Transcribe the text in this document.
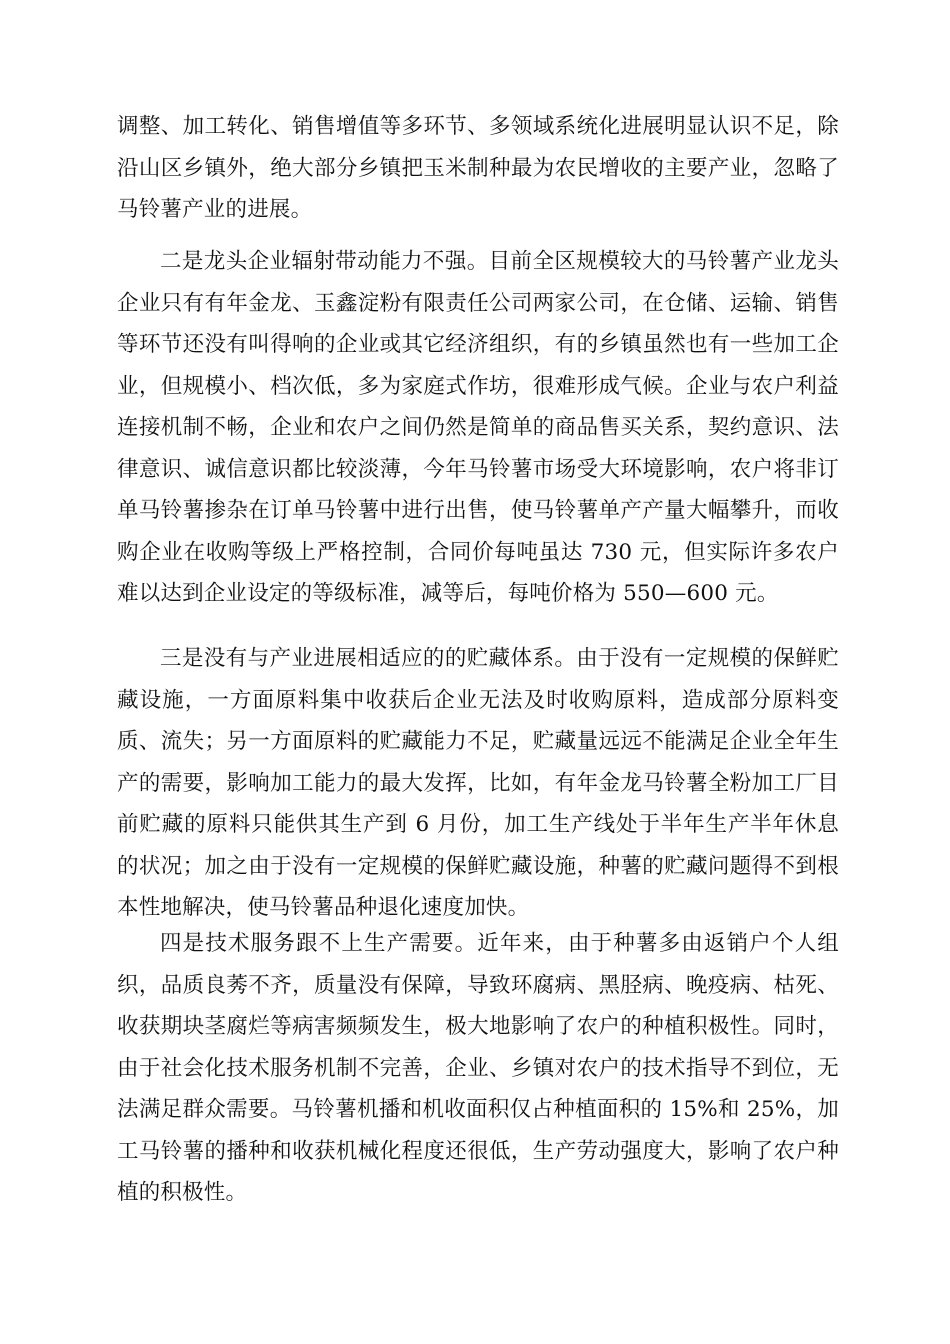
调整、加工转化、销售增值等多环节、多领域系统化进展明显认识不足，除沿山区乡镇外，绝大部分乡镇把玉米制种最为农民增收的主要产业，忽略了马铃薯产业的进展。

二是龙头企业辐射带动能力不强。目前全区规模较大的马铃薯产业龙头企业只有有年金龙、玉鑫淀粉有限责任公司两家公司，在仓储、运输、销售等环节还没有叫得响的企业或其它经济组织，有的乡镇虽然也有一些加工企业，但规模小、档次低，多为家庭式作坊，很难形成气候。企业与农户利益连接机制不畅，企业和农户之间仍然是简单的商品售买关系，契约意识、法律意识、诚信意识都比较淡薄，今年马铃薯市场受大环境影响，农户将非订单马铃薯掺杂在订单马铃薯中进行出售，使马铃薯单产产量大幅攀升，而收购企业在收购等级上严格控制，合同价每吨虽达 730 元，但实际许多农户难以达到企业设定的等级标准，减等后，每吨价格为 550—600 元。

三是没有与产业进展相适应的的贮藏体系。由于没有一定规模的保鲜贮藏设施，一方面原料集中收获后企业无法及时收购原料，造成部分原料变质、流失；另一方面原料的贮藏能力不足，贮藏量远远不能满足企业全年生产的需要，影响加工能力的最大发挥，比如，有年金龙马铃薯全粉加工厂目前贮藏的原料只能供其生产到 6 月份，加工生产线处于半年生产半年休息的状况；加之由于没有一定规模的保鲜贮藏设施，种薯的贮藏问题得不到根本性地解决，使马铃薯品种退化速度加快。

四是技术服务跟不上生产需要。近年来，由于种薯多由返销户个人组织，品质良莠不齐，质量没有保障，导致环腐病、黑胫病、晚疫病、枯死、收获期块茎腐烂等病害频频发生，极大地影响了农户的种植积极性。同时，由于社会化技术服务机制不完善，企业、乡镇对农户的技术指导不到位，无法满足群众需要。马铃薯机播和机收面积仅占种植面积的 15%和 25%，加工马铃薯的播种和收获机械化程度还很低，生产劳动强度大，影响了农户种植的积极性。
